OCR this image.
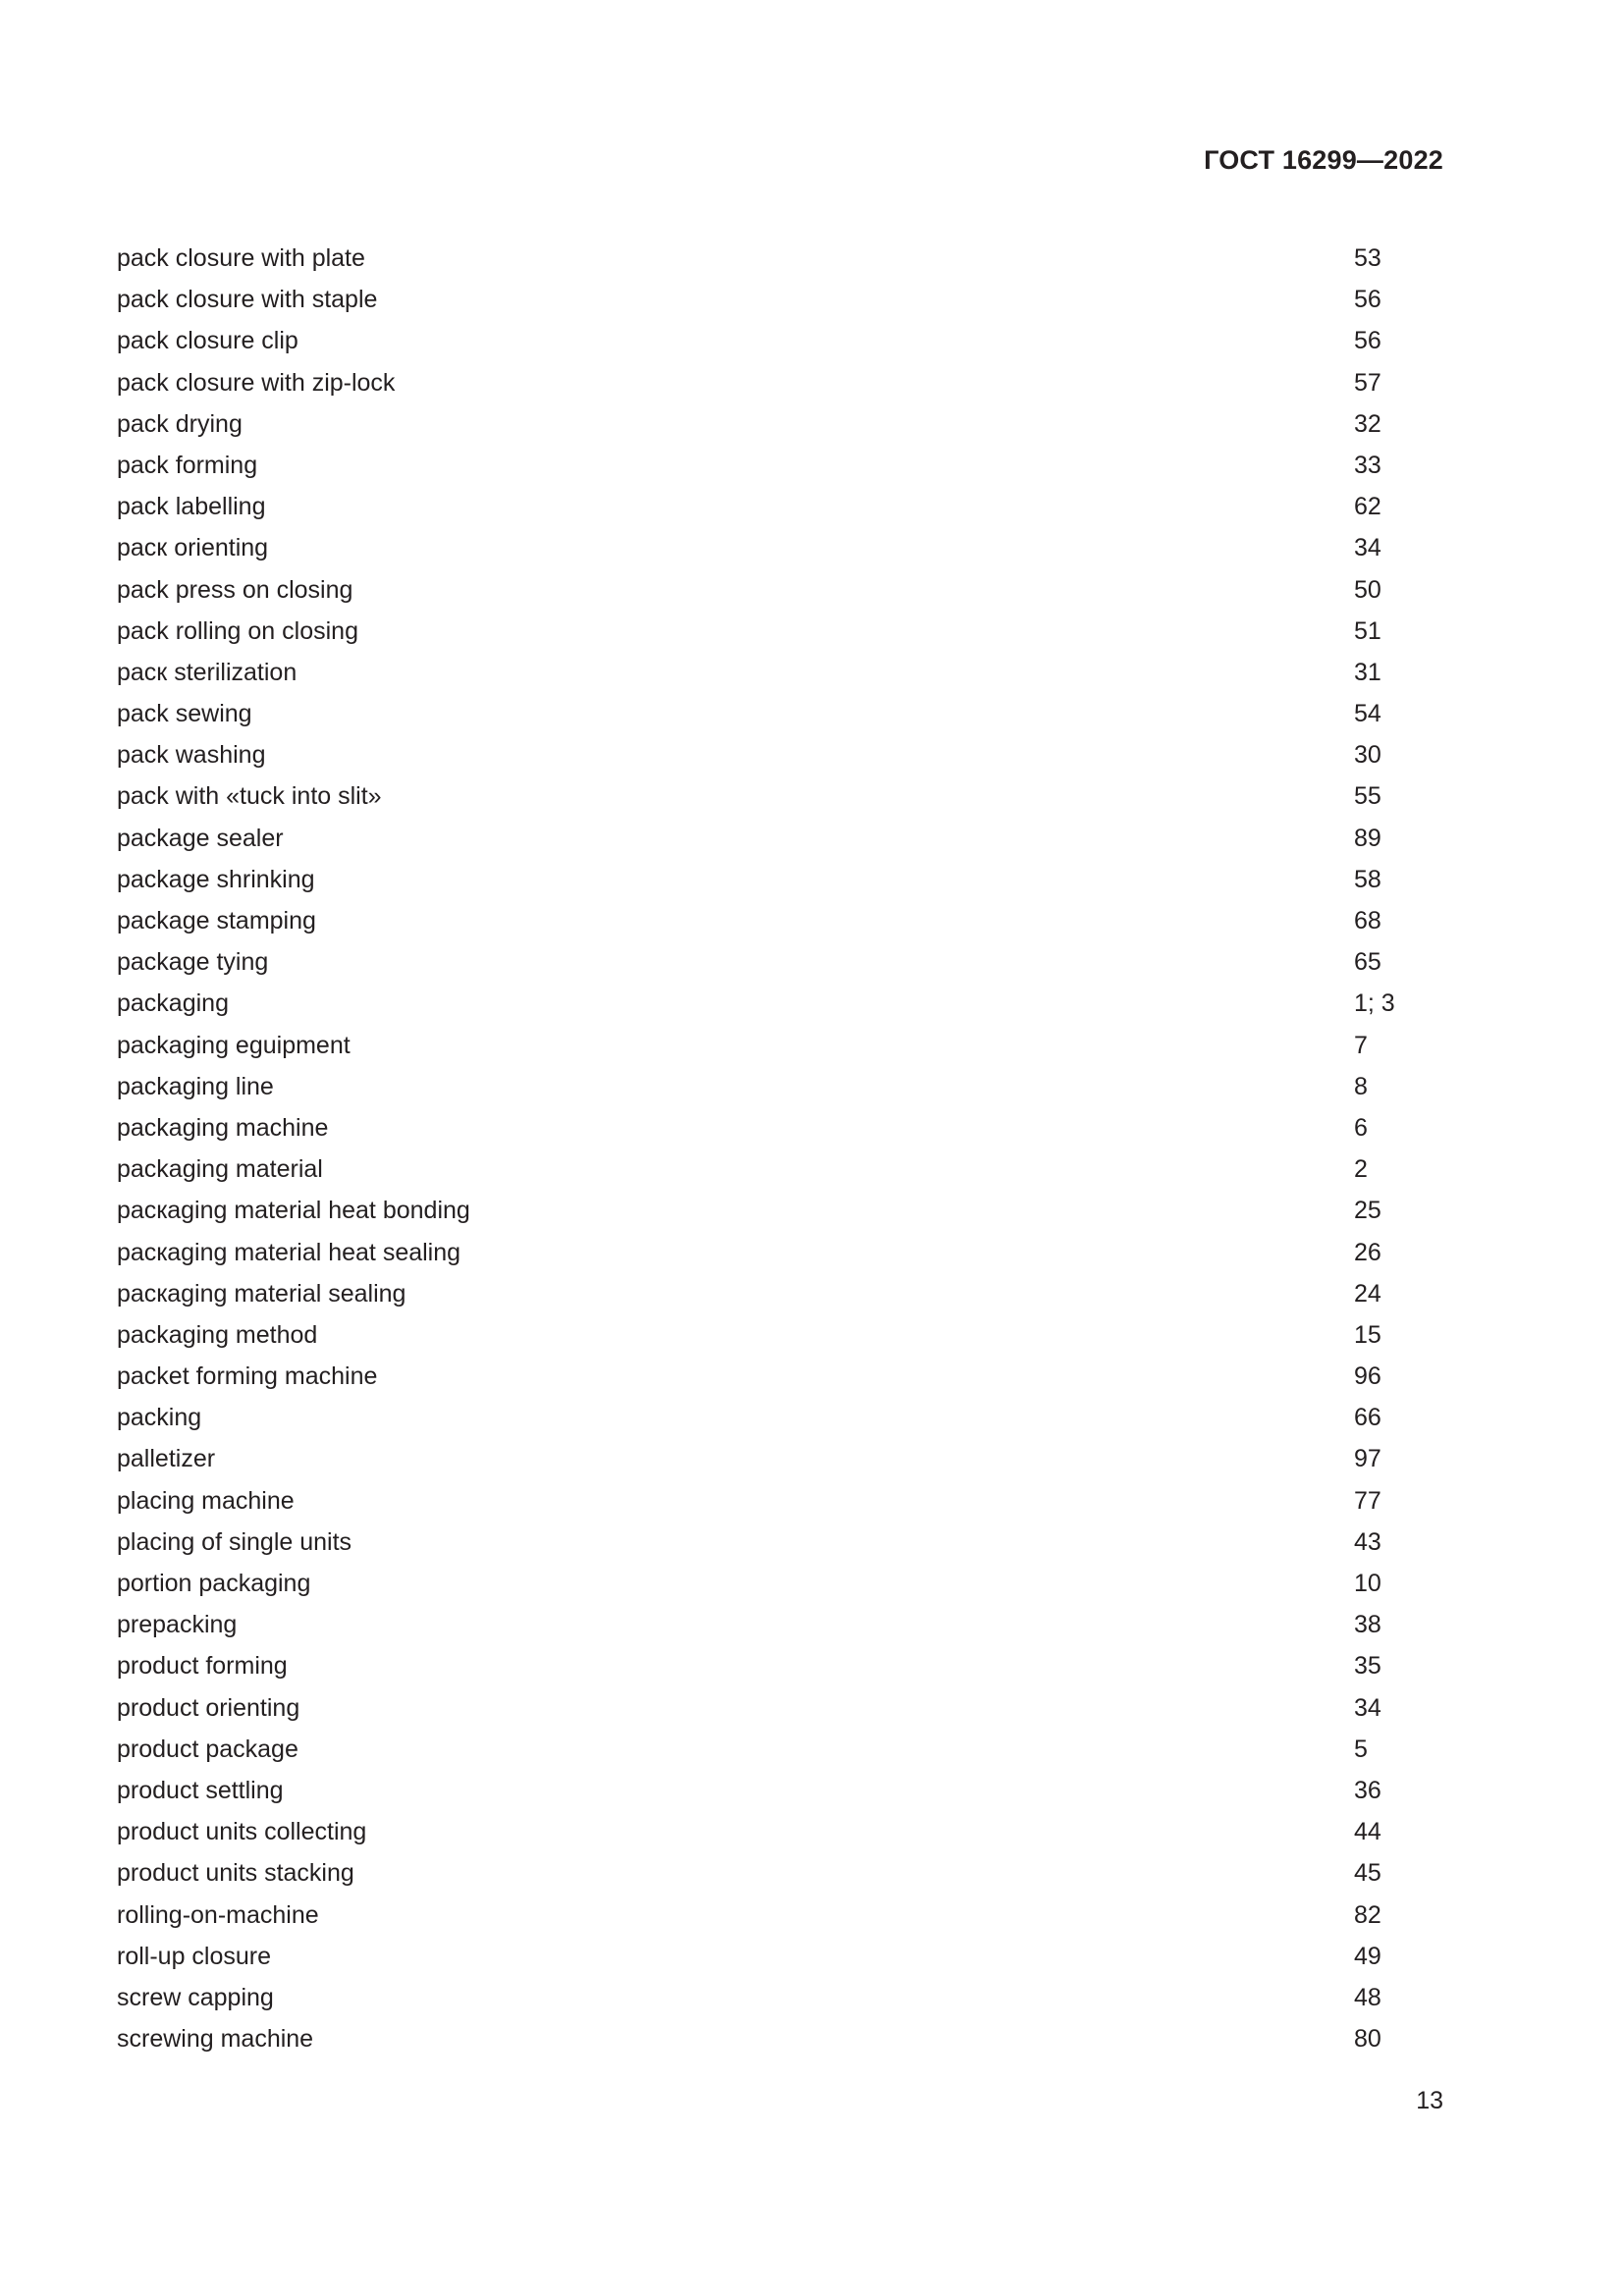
ГОСТ 16299—2022
pack closure with plate	53
pack closure with staple	56
pack closure clip	56
pack closure with zip-lock	57
pack drying	32
pack forming	33
pack labelling	62
pacк orienting	34
pack press on closing	50
pack rolling on closing	51
pacк sterilization	31
pack sewing	54
pack washing	30
pack with «tuck into slit»	55
package sealer	89
package shrinking	58
package stamping	68
package tying	65
packaging	1; 3
packaging eguipment	7
packaging line	8
packaging machine	6
packaging material	2
pacкaging material heat bonding	25
pacкaging material heat sealing	26
pacкaging material sealing	24
packaging method	15
packet forming machine	96
packing	66
palletizer	97
placing machine	77
placing of single units	43
portion packaging	10
prepacking	38
product forming	35
product orienting	34
product package	5
product settling	36
product units collecting	44
product units stacking	45
rolling-on-machine	82
roll-up closure	49
screw capping	48
screwing machine	80
13
